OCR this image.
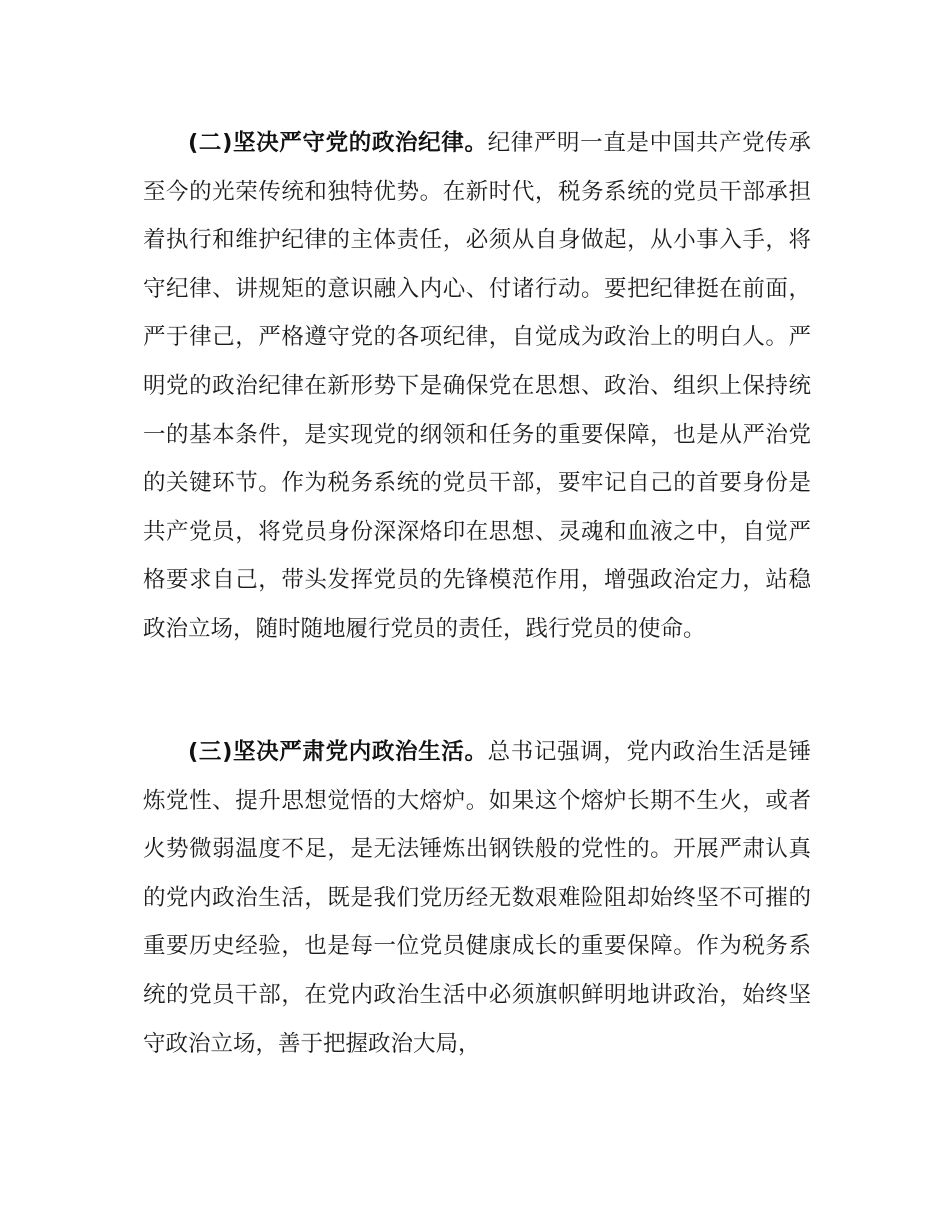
(二)坚决严守党的政治纪律。纪律严明一直是中国共产党传承至今的光荣传统和独特优势。在新时代，税务系统的党员干部承担着执行和维护纪律的主体责任，必须从自身做起，从小事入手，将守纪律、讲规矩的意识融入内心、付诸行动。要把纪律挺在前面，严于律己，严格遵守党的各项纪律，自觉成为政治上的明白人。严明党的政治纪律在新形势下是确保党在思想、政治、组织上保持统一的基本条件，是实现党的纲领和任务的重要保障，也是从严治党的关键环节。作为税务系统的党员干部，要牢记自己的首要身份是共产党员，将党员身份深深烙印在思想、灵魂和血液之中，自觉严格要求自己，带头发挥党员的先锋模范作用，增强政治定力，站稳政治立场，随时随地履行党员的责任，践行党员的使命。

(三)坚决严肃党内政治生活。总书记强调，党内政治生活是锤炼党性、提升思想觉悟的大熔炉。如果这个熔炉长期不生火，或者火势微弱温度不足，是无法锤炼出钢铁般的党性的。开展严肃认真的党内政治生活，既是我们党历经无数艰难险阻却始终坚不可摧的重要历史经验，也是每一位党员健康成长的重要保障。作为税务系统的党员干部，在党内政治生活中必须旗帜鲜明地讲政治，始终坚守政治立场，善于把握政治大局，
